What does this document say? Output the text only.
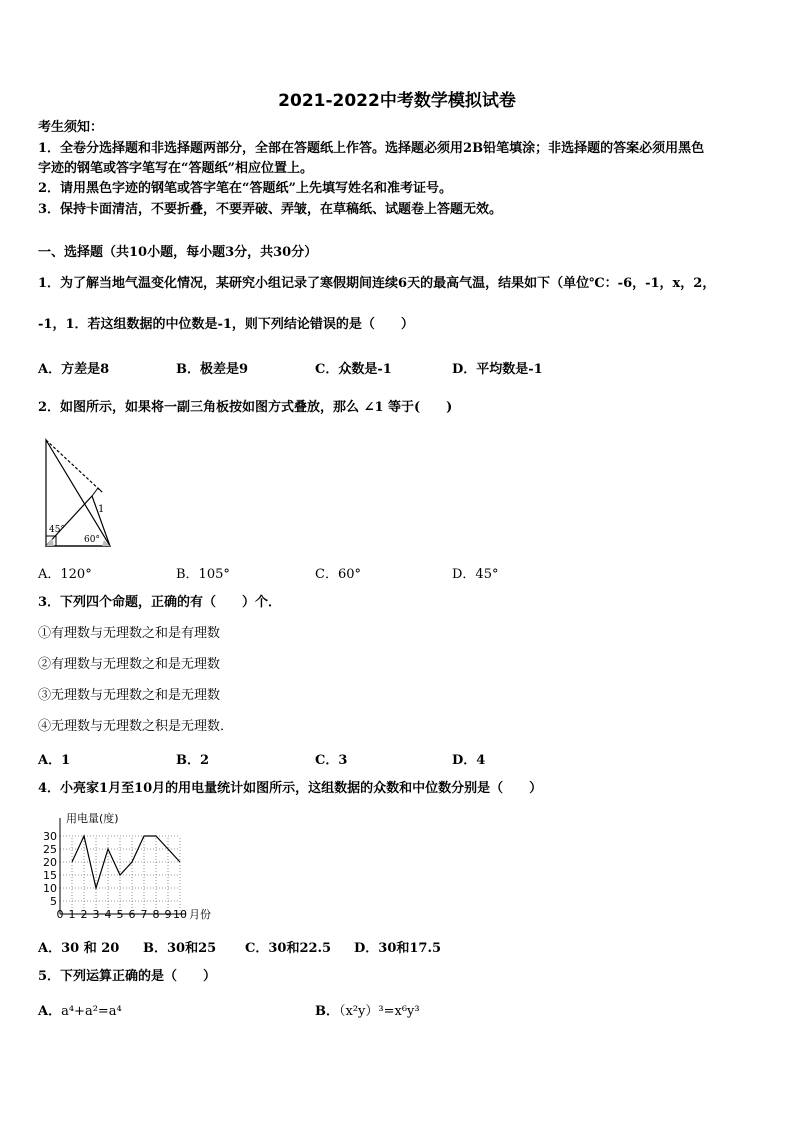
2021-2022中考数学模拟试卷
考生须知：
1．全卷分选择题和非选择题两部分，全部在答题纸上作答。选择题必须用2B铅笔填涂；非选择题的答案必须用黑色
字迹的钢笔或答字笔写在“答题纸”相应位置上。
2．请用黑色字迹的钢笔或答字笔在“答题纸”上先填写姓名和准考证号。
3．保持卡面清洁，不要折叠，不要弄破、弄皱，在草稿纸、试题卷上答题无效。
一、选择题（共10小题，每小题3分，共30分）
1．为了解当地气温变化情况，某研究小组记录了寒假期间连续6天的最高气温，结果如下（单位℃：-6，-1，x，2，
-1，1．若这组数据的中位数是-1，则下列结论错误的是（　　）
A．方差是8	B．极差是9	C．众数是-1	D．平均数是-1
2．如图所示，如果将一副三角板按如图方式叠放，那么 ∠1 等于(　　)
45°
60°
1
A．120°	B．105°	C．60°	D．45°
3．下列四个命题，正确的有（　　）个．
①有理数与无理数之和是有理数
②有理数与无理数之和是无理数
③无理数与无理数之和是无理数
④无理数与无理数之积是无理数．
A．1	B．2	C．3	D．4
4．小亮家1月至10月的用电量统计如图所示，这组数据的众数和中位数分别是（　　）
5
10
15
20
25
30
0 1 2 3 4 5 6 7 8 9 10
用电量(度)
月份
A．30 和 20 B．30和25 C．30和22.5 D．30和17.5
5．下列运算正确的是（　　）
A．a⁴+a²=a⁴	B．（x²y）³=x⁶y³
